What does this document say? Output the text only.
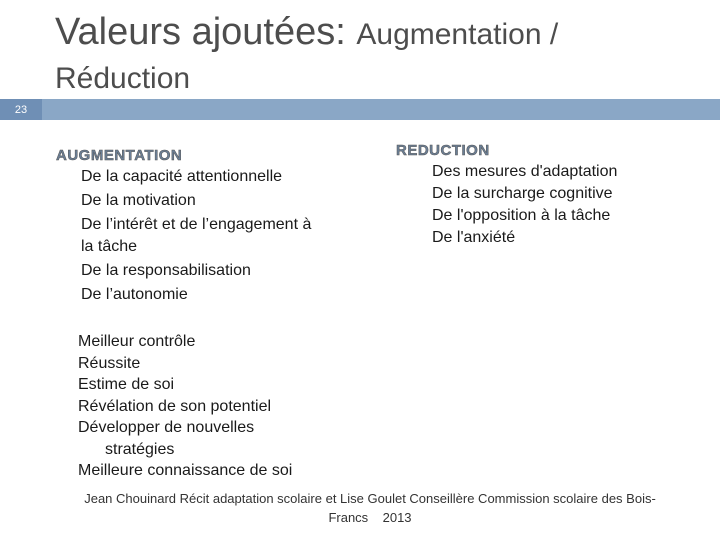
Valeurs ajoutées: Augmentation /
Réduction
23
AUGMENTATION
De la capacité attentionnelle
De la motivation
De l’intérêt et de l’engagement à la tâche
De la responsabilisation
De l’autonomie
REDUCTION
Des mesures d'adaptation
De la surcharge cognitive
De l'opposition à la tâche
De l'anxiété
Meilleur contrôle
Réussite
Estime de soi
Révélation de son potentiel
Développer de nouvelles
stratégies
Meilleure connaissance de soi
Jean Chouinard Récit adaptation scolaire et Lise Goulet Conseillère Commission scolaire des Bois-
Francs    2013
